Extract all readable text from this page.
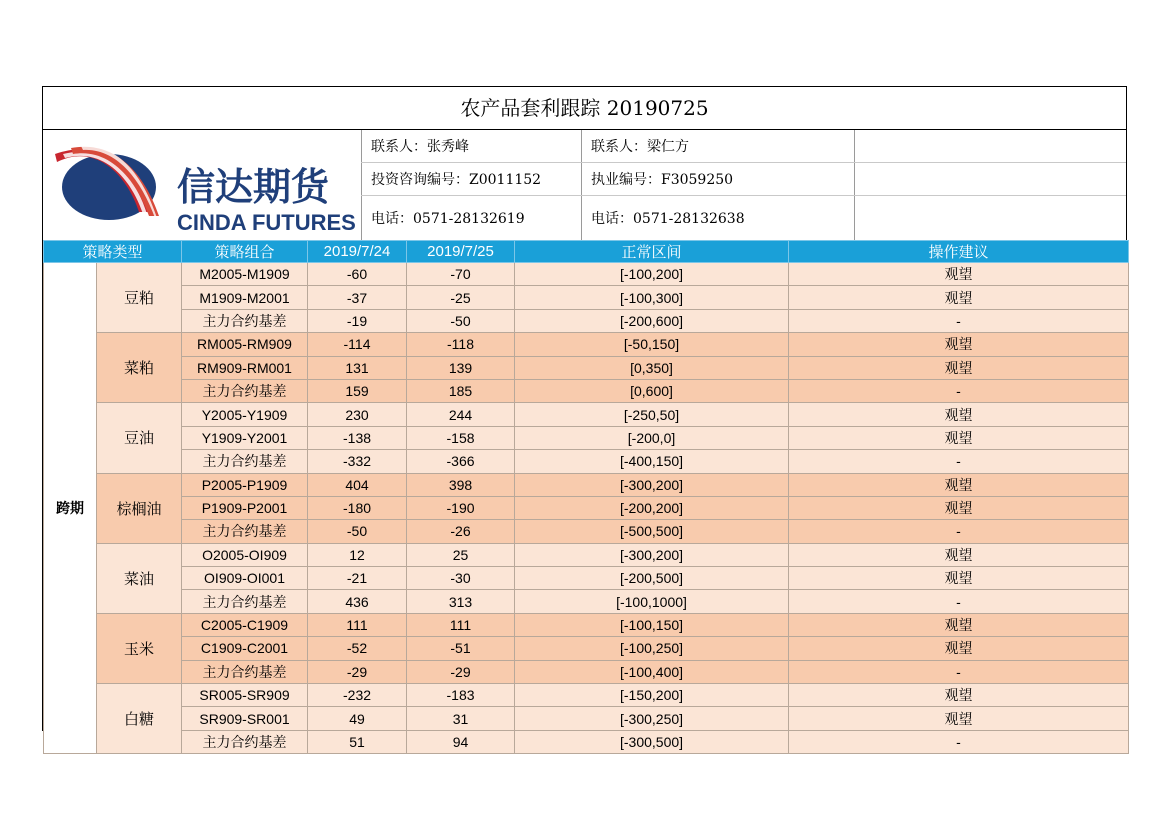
农产品套利跟踪 20190725
信达期货
CINDA FUTURES
联系人：张秀峰	联系人：梁仁方
投资咨询编号：Z0011152	执业编号：F3059250
电话：0571-28132619	电话：0571-28132638
策略类型		策略组合	2019/7/24	2019/7/25	正常区间	操作建议
跨期	豆粕	M2005-M1909	-60	-70	[-100,200]	观望
		M1909-M2001	-37	-25	[-100,300]	观望
		主力合约基差	-19	-50	[-200,600]	-
	菜粕	RM005-RM909	-114	-118	[-50,150]	观望
		RM909-RM001	131	139	[0,350]	观望
		主力合约基差	159	185	[0,600]	-
	豆油	Y2005-Y1909	230	244	[-250,50]	观望
		Y1909-Y2001	-138	-158	[-200,0]	观望
		主力合约基差	-332	-366	[-400,150]	-
	棕榈油	P2005-P1909	404	398	[-300,200]	观望
		P1909-P2001	-180	-190	[-200,200]	观望
		主力合约基差	-50	-26	[-500,500]	-
	菜油	O2005-OI909	12	25	[-300,200]	观望
		OI909-OI001	-21	-30	[-200,500]	观望
		主力合约基差	436	313	[-100,1000]	-
	玉米	C2005-C1909	111	111	[-100,150]	观望
		C1909-C2001	-52	-51	[-100,250]	观望
		主力合约基差	-29	-29	[-100,400]	-
	白糖	SR005-SR909	-232	-183	[-150,200]	观望
		SR909-SR001	49	31	[-300,250]	观望
		主力合约基差	51	94	[-300,500]	-
